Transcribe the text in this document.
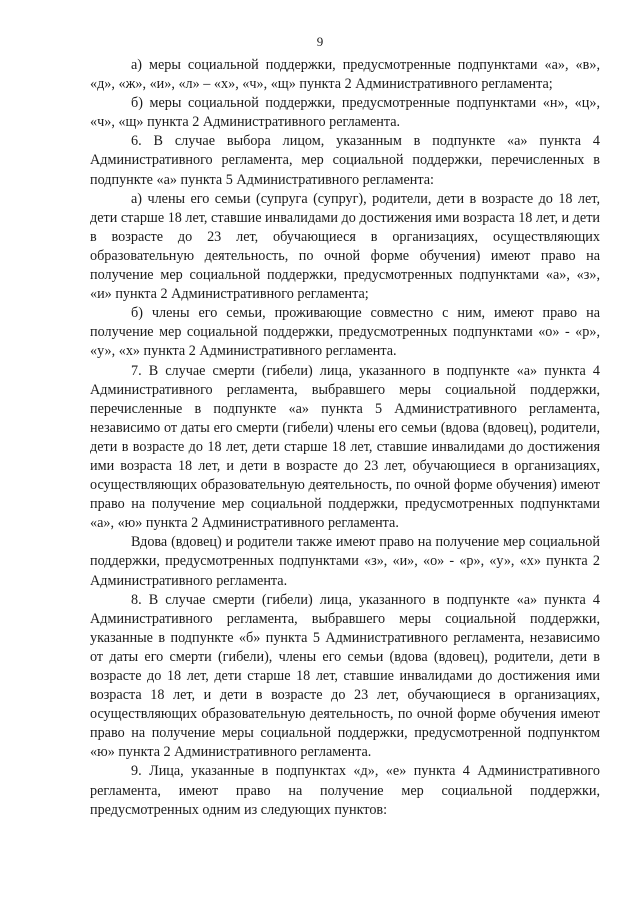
9

а) меры социальной поддержки, предусмотренные подпунктами «а», «в», «д», «ж», «и», «л» – «х», «ч», «щ» пункта 2 Административного регламента;

б) меры социальной поддержки, предусмотренные подпунктами «н», «ц», «ч», «щ» пункта 2 Административного регламента.

6. В случае выбора лицом, указанным в подпункте «а» пункта 4 Административного регламента, мер социальной поддержки, перечисленных в подпункте «а» пункта 5 Административного регламента:

а) члены его семьи (супруга (супруг), родители, дети в возрасте до 18 лет, дети старше 18 лет, ставшие инвалидами до достижения ими возраста 18 лет, и дети в возрасте до 23 лет, обучающиеся в организациях, осуществляющих образовательную деятельность, по очной форме обучения) имеют право на получение мер социальной поддержки, предусмотренных подпунктами «а», «з», «и» пункта 2 Административного регламента;

б) члены его семьи, проживающие совместно с ним, имеют право на получение мер социальной поддержки, предусмотренных подпунктами «о» - «р», «у», «х» пункта 2 Административного регламента.

7. В случае смерти (гибели) лица, указанного в подпункте «а» пункта 4 Административного регламента, выбравшего меры социальной поддержки, перечисленные в подпункте «а» пункта 5 Административного регламента, независимо от даты его смерти (гибели) члены его семьи (вдова (вдовец), родители, дети в возрасте до 18 лет, дети старше 18 лет, ставшие инвалидами до достижения ими возраста 18 лет, и дети в возрасте до 23 лет, обучающиеся в организациях, осуществляющих образовательную деятельность, по очной форме обучения) имеют право на получение мер социальной поддержки, предусмотренных подпунктами «а», «ю» пункта 2 Административного регламента.

Вдова (вдовец) и родители также имеют право на получение мер социальной поддержки, предусмотренных подпунктами «з», «и», «о» - «р», «у», «х» пункта 2 Административного регламента.

8. В случае смерти (гибели) лица, указанного в подпункте «а» пункта 4 Административного регламента, выбравшего меры социальной поддержки, указанные в подпункте «б» пункта 5 Административного регламента, независимо от даты его смерти (гибели), члены его семьи (вдова (вдовец), родители, дети в возрасте до 18 лет, дети старше 18 лет, ставшие инвалидами до достижения ими возраста 18 лет, и дети в возрасте до 23 лет, обучающиеся в организациях, осуществляющих образовательную деятельность, по очной форме обучения имеют право на получение меры социальной поддержки, предусмотренной подпунктом «ю» пункта 2 Административного регламента.

9. Лица, указанные в подпунктах «д», «е» пункта 4 Административного регламента, имеют право на получение мер социальной поддержки, предусмотренных одним из следующих пунктов:
